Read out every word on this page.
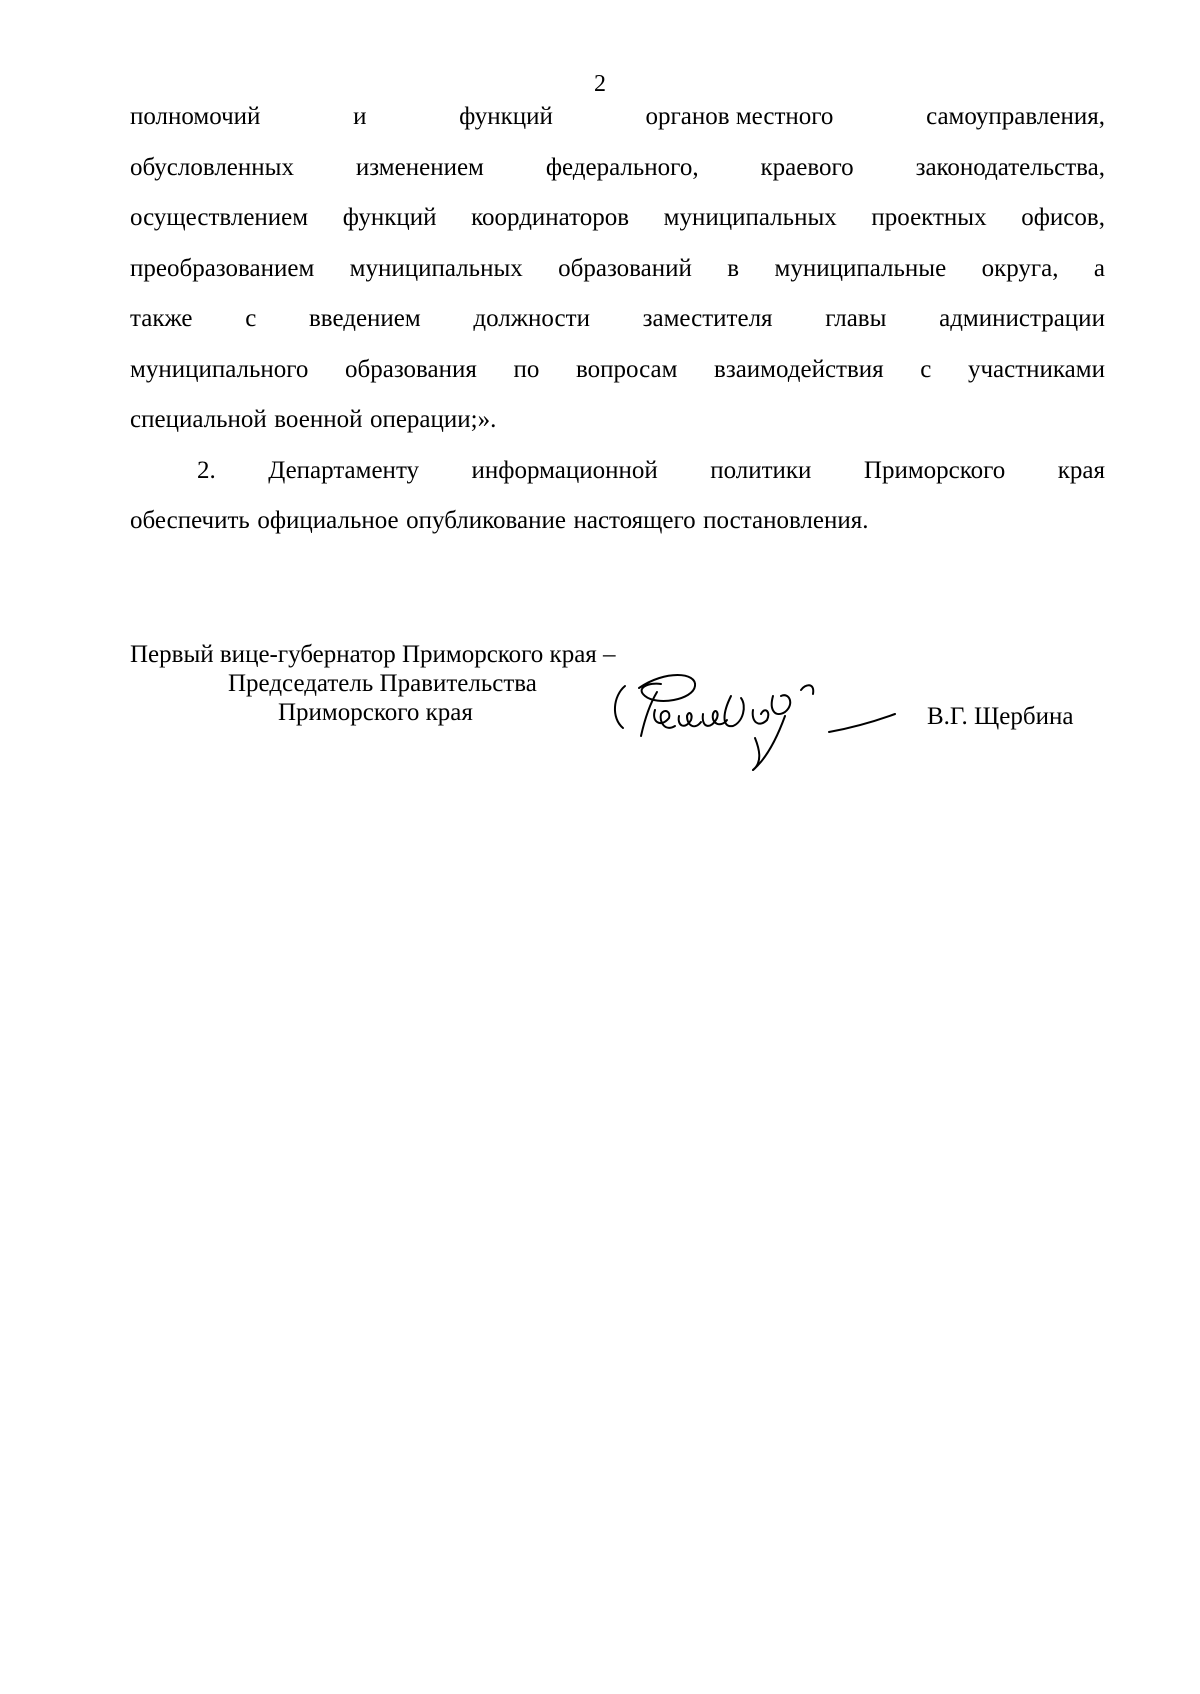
2
полномочий	и	функций	органов местного	самоуправления,
обусловленных изменением федерального, краевого законодательства,
осуществлением функций координаторов муниципальных проектных офисов,
преобразованием муниципальных образований в муниципальные округа, а
также с введением должности заместителя главы администрации
муниципального образования по вопросам взаимодействия с участниками
специальной военной операции;».
2. Департаменту информационной политики Приморского края
обеспечить официальное опубликование настоящего постановления.
Первый вице-губернатор Приморского края –
Председатель Правительства
Приморского края	В.Г. Щербина
